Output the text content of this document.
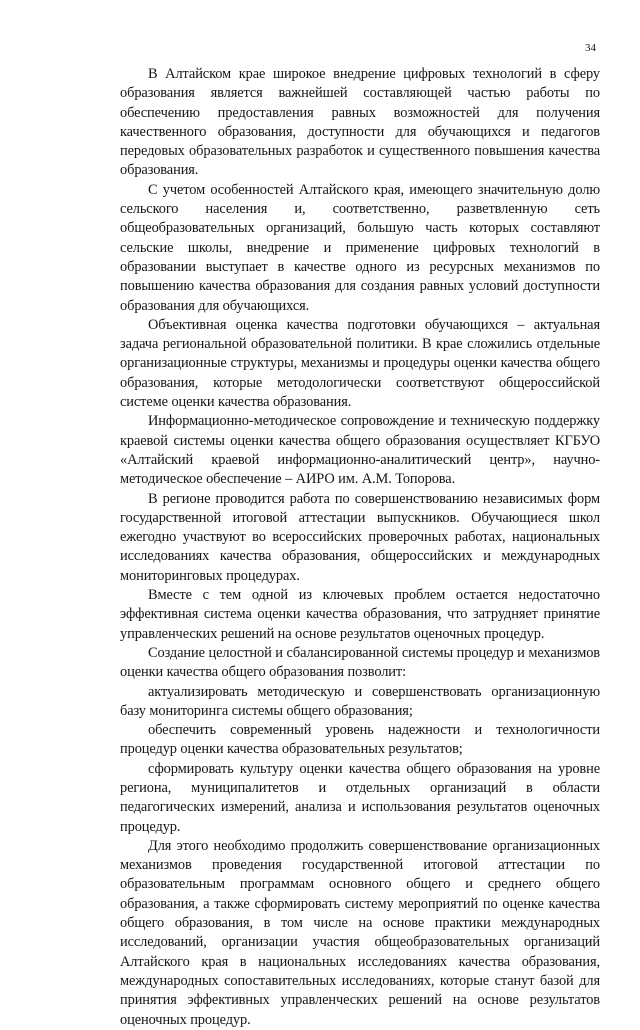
34

В Алтайском крае широкое внедрение цифровых технологий в сферу образования является важнейшей составляющей частью работы по обеспечению предоставления равных возможностей для получения качественного образования, доступности для обучающихся и педагогов передовых образовательных разработок и существенного повышения качества образования.

С учетом особенностей Алтайского края, имеющего значительную долю сельского населения и, соответственно, разветвленную сеть общеобразовательных организаций, большую часть которых составляют сельские школы, внедрение и применение цифровых технологий в образовании выступает в качестве одного из ресурсных механизмов по повышению качества образования для создания равных условий доступности образования для обучающихся.

Объективная оценка качества подготовки обучающихся – актуальная задача региональной образовательной политики. В крае сложились отдельные организационные структуры, механизмы и процедуры оценки качества общего образования, которые методологически соответствуют общероссийской системе оценки качества образования.

Информационно-методическое сопровождение и техническую поддержку краевой системы оценки качества общего образования осуществляет КГБУО «Алтайский краевой информационно-аналитический центр», научно-методическое обеспечение – АИРО им. А.М. Топорова.

В регионе проводится работа по совершенствованию независимых форм государственной итоговой аттестации выпускников. Обучающиеся школ ежегодно участвуют во всероссийских проверочных работах, национальных исследованиях качества образования, общероссийских и международных мониторинговых процедурах.

Вместе с тем одной из ключевых проблем остается недостаточно эффективная система оценки качества образования, что затрудняет принятие управленческих решений на основе результатов оценочных процедур.

Создание целостной и сбалансированной системы процедур и механизмов оценки качества общего образования позволит:

актуализировать методическую и совершенствовать организационную базу мониторинга системы общего образования;

обеспечить современный уровень надежности и технологичности процедур оценки качества образовательных результатов;

сформировать культуру оценки качества общего образования на уровне региона, муниципалитетов и отдельных организаций в области педагогических измерений, анализа и использования результатов оценочных процедур.

Для этого необходимо продолжить совершенствование организационных механизмов проведения государственной итоговой аттестации по образовательным программам основного общего и среднего общего образования, а также сформировать систему мероприятий по оценке качества общего образования, в том числе на основе практики международных исследований, организации участия общеобразовательных организаций Алтайского края в национальных исследованиях качества образования, международных сопоставительных исследованиях, которые станут базой для принятия эффективных управленческих решений на основе результатов оценочных процедур.
